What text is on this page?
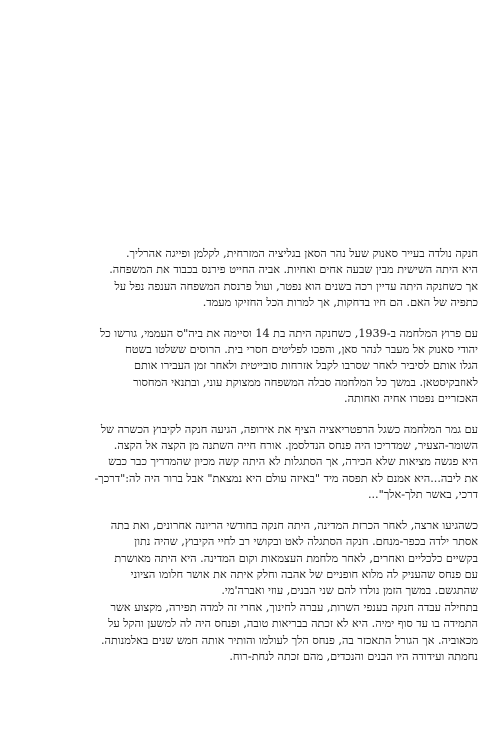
חנקה נולדה בעייר סאנוק שעל נהר הסאן בגליציה המזרחית, לקלמן ופייגה אהרליך.
היא היתה השישית מבין שבעה אחים ואחיות. אביה החייט פירנס בכבוד את המשפחה.
אך כשחנקה היתה עדיין רכה בשנים הוא נפטר, ועול פרנסת המשפחה הענפה נפל על
כתפיה של האם. הם חיו בדחקות, אך למרות הכל החזיקו מעמד.
עם פרוץ המלחמה ב-1939, כשחנקה היתה בת 14 וסיימה את ביה"ס העממי, גורשו כל
יהודי סאנוק אל מעבר לנהר סאן, והפכו לפליטים חסרי בית. הרוסים ששלטו בשטח
הגלו אותם לסיביר לאחר שסרבו לקבל אזרחות סובייטית ולאחר זמן העבירו אותם
לאוזבקיסטאן. במשך כל המלחמה סבלה המשפחה ממצוקת עוני, ובתנאי המחסור
האכזריים נפטרו אחיה ואחותה.
עם גמר המלחמה כשגל הרפטריאציה הציף את אירופה, הגיעה חנקה לקיבוץ הכשרה של
השומר-הצעיר, שמדריכו היה פנחס הנדלסמן. אורח חייה השתנה מן הקצה אל הקצה.
היא פגשה מציאות שלא הכירה, אך הסתגלות לא היתה קשה מכיון שהמדריך כבר כבש
את ליבה...היא אמנם לא תפסה מיד "באיזה עולם היא נמצאת" אבל ברור היה לה:"דרכך-
דרכי, באשר תלך-אלך"...
כשהגיעו ארצה, לאחר הכרזת המדינה, היתה חנקה בחודשי הריונה אחרונים, ואת בתה
אסתר ילדה בכפר-מנחם. חנקה הסתגלה לאט ובקושי רב לחיי הקיבוץ, שהיה נתון
בקשיים כלכליים ואחרים, לאחר מלחמת העצמאות וקום המדינה. היא היתה מאושרת
עם פנחס שהעניק לה מלוא חופניים של אהבה וחלק איתה את אושר חלומו הציוני
שהתגשם. במשך הזמן נולדו להם שני הבנים, עוזי ואברה'מי.
בתחילה עבדה חנקה בענפי השרות, עברה לחינוך, אחרי זה למדה תפירה, מקצוע אשר
התמידה בו עד סוף ימיה. היא לא זכתה בבריאות טובה, ופנחס היה לה למשען והקל על
מכאוביה. אך הגורל התאכזר בה, פנחס הלך לעולמו והותיר אותה חמש שנים באלמנותה.
נחמתה ועידודה היו הבנים והנכדים, מהם זכתה לנחת-רוח.
